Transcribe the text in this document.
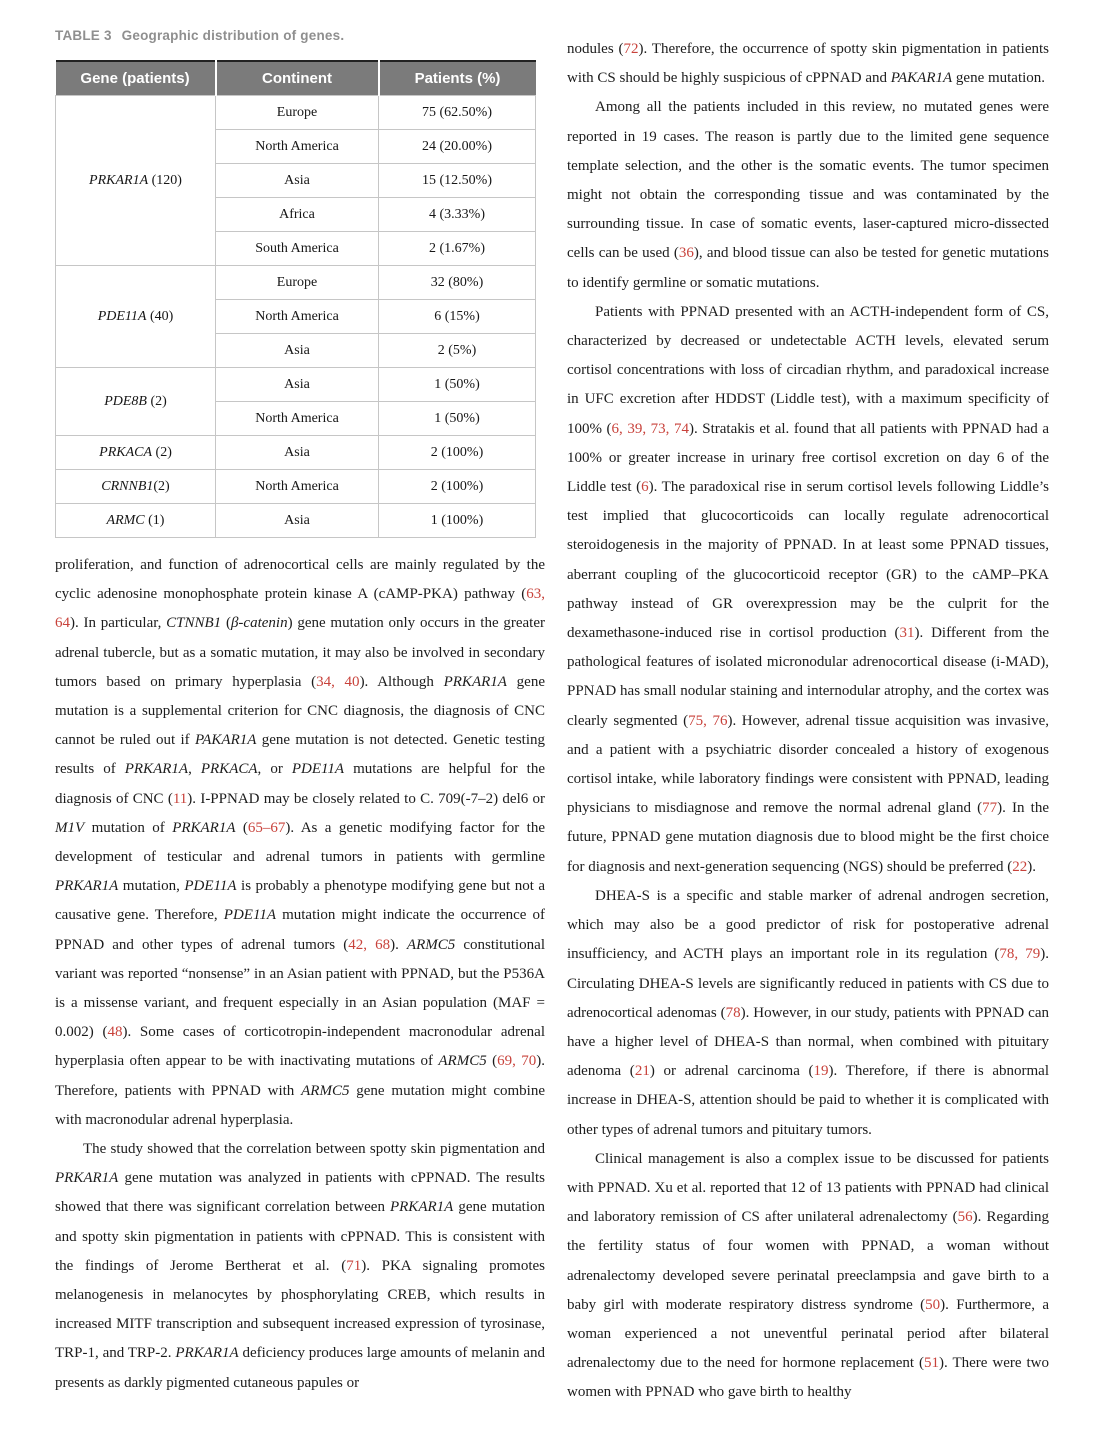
TABLE 3 Geographic distribution of genes.
Gene (patients)	Continent	Patients (%)
PRKAR1A (120)	Europe	75 (62.50%)
	North America	24 (20.00%)
	Asia	15 (12.50%)
	Africa	4 (3.33%)
	South America	2 (1.67%)
PDE11A (40)	Europe	32 (80%)
	North America	6 (15%)
	Asia	2 (5%)
PDE8B (2)	Asia	1 (50%)
	North America	1 (50%)
PRKACA (2)	Asia	2 (100%)
CRNNB1(2)	North America	2 (100%)
ARMC (1)	Asia	1 (100%)

proliferation, and function of adrenocortical cells are mainly regulated by the cyclic adenosine monophosphate protein kinase A (cAMP-PKA) pathway (63, 64). In particular, CTNNB1 (β-catenin) gene mutation only occurs in the greater adrenal tubercle, but as a somatic mutation, it may also be involved in secondary tumors based on primary hyperplasia (34, 40). Although PRKAR1A gene mutation is a supplemental criterion for CNC diagnosis, the diagnosis of CNC cannot be ruled out if PAKAR1A gene mutation is not detected. Genetic testing results of PRKAR1A, PRKACA, or PDE11A mutations are helpful for the diagnosis of CNC (11). I-PPNAD may be closely related to C. 709(-7–2) del6 or M1V mutation of PRKAR1A (65–67). As a genetic modifying factor for the development of testicular and adrenal tumors in patients with germline PRKAR1A mutation, PDE11A is probably a phenotype modifying gene but not a causative gene. Therefore, PDE11A mutation might indicate the occurrence of PPNAD and other types of adrenal tumors (42, 68). ARMC5 constitutional variant was reported “nonsense” in an Asian patient with PPNAD, but the P536A is a missense variant, and frequent especially in an Asian population (MAF = 0.002) (48). Some cases of corticotropin-independent macronodular adrenal hyperplasia often appear to be with inactivating mutations of ARMC5 (69, 70). Therefore, patients with PPNAD with ARMC5 gene mutation might combine with macronodular adrenal hyperplasia.

The study showed that the correlation between spotty skin pigmentation and PRKAR1A gene mutation was analyzed in patients with cPPNAD. The results showed that there was significant correlation between PRKAR1A gene mutation and spotty skin pigmentation in patients with cPPNAD. This is consistent with the findings of Jerome Bertherat et al. (71). PKA signaling promotes melanogenesis in melanocytes by phosphorylating CREB, which results in increased MITF transcription and subsequent increased expression of tyrosinase, TRP-1, and TRP-2. PRKAR1A deficiency produces large amounts of melanin and presents as darkly pigmented cutaneous papules or

nodules (72). Therefore, the occurrence of spotty skin pigmentation in patients with CS should be highly suspicious of cPPNAD and PAKAR1A gene mutation.

Among all the patients included in this review, no mutated genes were reported in 19 cases. The reason is partly due to the limited gene sequence template selection, and the other is the somatic events. The tumor specimen might not obtain the corresponding tissue and was contaminated by the surrounding tissue. In case of somatic events, laser-captured micro-dissected cells can be used (36), and blood tissue can also be tested for genetic mutations to identify germline or somatic mutations.

Patients with PPNAD presented with an ACTH-independent form of CS, characterized by decreased or undetectable ACTH levels, elevated serum cortisol concentrations with loss of circadian rhythm, and paradoxical increase in UFC excretion after HDDST (Liddle test), with a maximum specificity of 100% (6, 39, 73, 74). Stratakis et al. found that all patients with PPNAD had a 100% or greater increase in urinary free cortisol excretion on day 6 of the Liddle test (6). The paradoxical rise in serum cortisol levels following Liddle’s test implied that glucocorticoids can locally regulate adrenocortical steroidogenesis in the majority of PPNAD. In at least some PPNAD tissues, aberrant coupling of the glucocorticoid receptor (GR) to the cAMP–PKA pathway instead of GR overexpression may be the culprit for the dexamethasone-induced rise in cortisol production (31). Different from the pathological features of isolated micronodular adrenocortical disease (i-MAD), PPNAD has small nodular staining and internodular atrophy, and the cortex was clearly segmented (75, 76). However, adrenal tissue acquisition was invasive, and a patient with a psychiatric disorder concealed a history of exogenous cortisol intake, while laboratory findings were consistent with PPNAD, leading physicians to misdiagnose and remove the normal adrenal gland (77). In the future, PPNAD gene mutation diagnosis due to blood might be the first choice for diagnosis and next-generation sequencing (NGS) should be preferred (22).

DHEA-S is a specific and stable marker of adrenal androgen secretion, which may also be a good predictor of risk for postoperative adrenal insufficiency, and ACTH plays an important role in its regulation (78, 79). Circulating DHEA-S levels are significantly reduced in patients with CS due to adrenocortical adenomas (78). However, in our study, patients with PPNAD can have a higher level of DHEA-S than normal, when combined with pituitary adenoma (21) or adrenal carcinoma (19). Therefore, if there is abnormal increase in DHEA-S, attention should be paid to whether it is complicated with other types of adrenal tumors and pituitary tumors.

Clinical management is also a complex issue to be discussed for patients with PPNAD. Xu et al. reported that 12 of 13 patients with PPNAD had clinical and laboratory remission of CS after unilateral adrenalectomy (56). Regarding the fertility status of four women with PPNAD, a woman without adrenalectomy developed severe perinatal preeclampsia and gave birth to a baby girl with moderate respiratory distress syndrome (50). Furthermore, a woman experienced a not uneventful perinatal period after bilateral adrenalectomy due to the need for hormone replacement (51). There were two women with PPNAD who gave birth to healthy
